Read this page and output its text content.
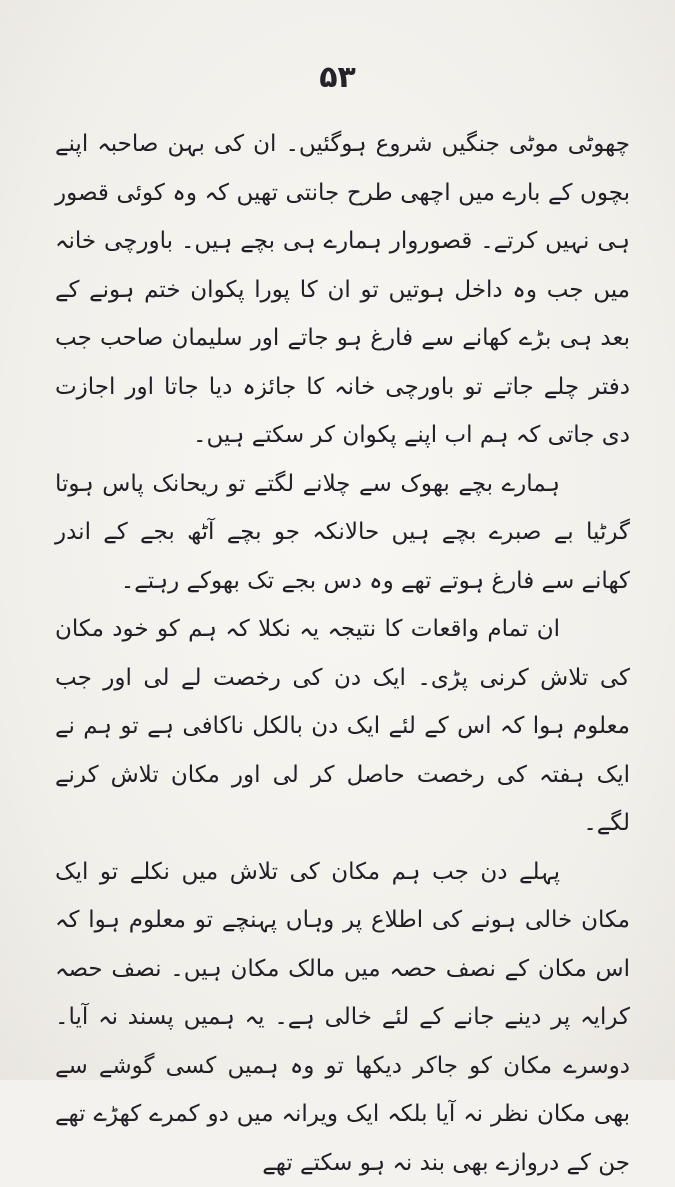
۵۳

چھوٹی موٹی جنگیں شروع ہوگئیں۔ ان کی بہن صاحبہ اپنے بچوں کے بارے میں اچھی طرح جانتی تھیں کہ وہ کوئی قصور ہی نہیں کرتے۔ قصوروار ہمارے ہی بچے ہیں۔ باورچی خانہ میں جب وہ داخل ہوتیں تو ان کا پورا پکوان ختم ہونے کے بعد ہی بڑے کھانے سے فارغ ہو جاتے اور سلیمان صاحب جب دفتر چلے جاتے تو باورچی خانہ کا جائزہ دیا جاتا اور اجازت دی جاتی کہ ہم اب اپنے پکوان کر سکتے ہیں۔

ہمارے بچے بھوک سے چلانے لگتے تو ریحانک پاس ہوتا گرٹیا بے صبرے بچے ہیں حالانکہ جو بچے آٹھ بجے کے اندر کھانے سے فارغ ہوتے تھے وہ دس بجے تک بھوکے رہتے۔

ان تمام واقعات کا نتیجہ یہ نکلا کہ ہم کو خود مکان کی تلاش کرنی پڑی۔ ایک دن کی رخصت لے لی اور جب معلوم ہوا کہ اس کے لئے ایک دن بالکل ناکافی ہے تو ہم نے ایک ہفتہ کی رخصت حاصل کر لی اور مکان تلاش کرنے لگے۔

پہلے دن جب ہم مکان کی تلاش میں نکلے تو ایک مکان خالی ہونے کی اطلاع پر وہاں پہنچے تو معلوم ہوا کہ اس مکان کے نصف حصہ میں مالک مکان ہیں۔ نصف حصہ کرایہ پر دینے جانے کے لئے خالی ہے۔ یہ ہمیں پسند نہ آیا۔ دوسرے مکان کو جاکر دیکھا تو وہ ہمیں کسی گوشے سے بھی مکان نظر نہ آیا بلکہ ایک ویرانہ میں دو کمرے کھڑے تھے جن کے دروازے بھی بند نہ ہو سکتے تھے
